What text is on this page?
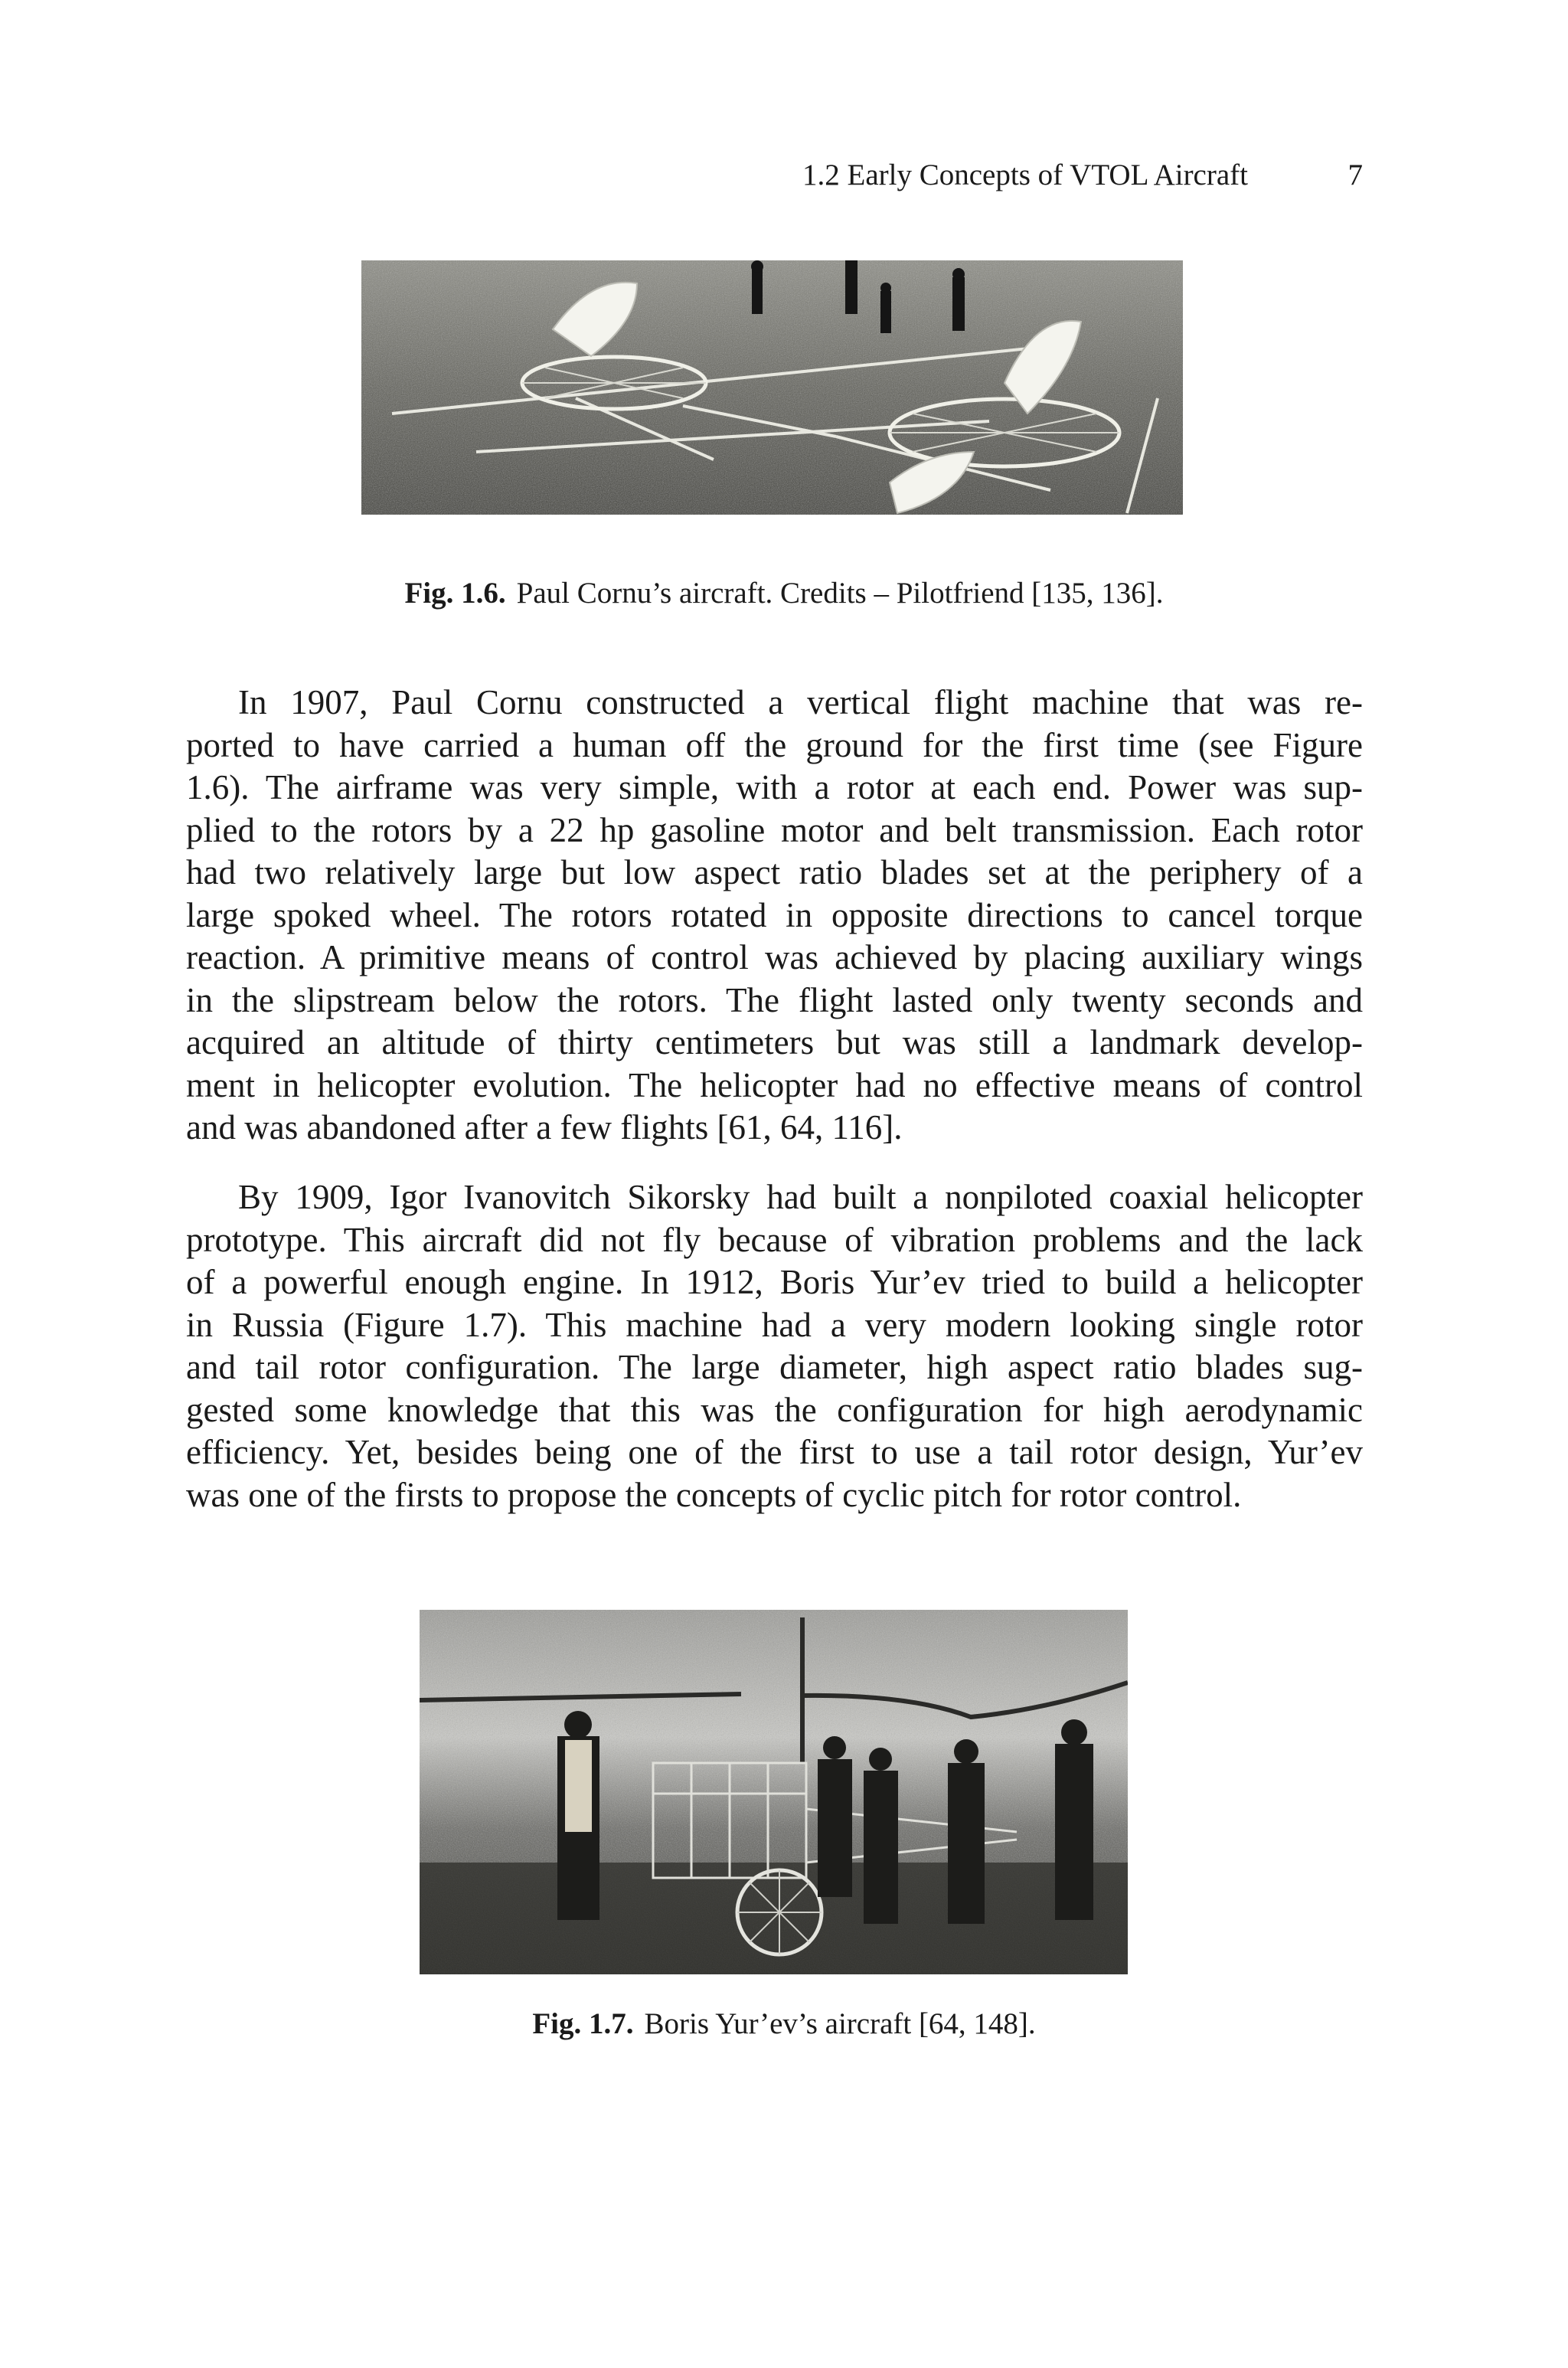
1.2 Early Concepts of VTOL Aircraft	7
Fig. 1.6. Paul Cornu’s aircraft. Credits – Pilotfriend [135, 136].
In 1907, Paul Cornu constructed a vertical flight machine that was re-
ported to have carried a human off the ground for the first time (see Figure
1.6). The airframe was very simple, with a rotor at each end. Power was sup-
plied to the rotors by a 22 hp gasoline motor and belt transmission. Each rotor
had two relatively large but low aspect ratio blades set at the periphery of a
large spoked wheel. The rotors rotated in opposite directions to cancel torque
reaction. A primitive means of control was achieved by placing auxiliary wings
in the slipstream below the rotors. The flight lasted only twenty seconds and
acquired an altitude of thirty centimeters but was still a landmark develop-
ment in helicopter evolution. The helicopter had no effective means of control
and was abandoned after a few flights [61, 64, 116].
By 1909, Igor Ivanovitch Sikorsky had built a nonpiloted coaxial helicopter
prototype. This aircraft did not fly because of vibration problems and the lack
of a powerful enough engine. In 1912, Boris Yur’ev tried to build a helicopter
in Russia (Figure 1.7). This machine had a very modern looking single rotor
and tail rotor configuration. The large diameter, high aspect ratio blades sug-
gested some knowledge that this was the configuration for high aerodynamic
efficiency. Yet, besides being one of the first to use a tail rotor design, Yur’ev
was one of the firsts to propose the concepts of cyclic pitch for rotor control.
Fig. 1.7. Boris Yur’ev’s aircraft [64, 148].
